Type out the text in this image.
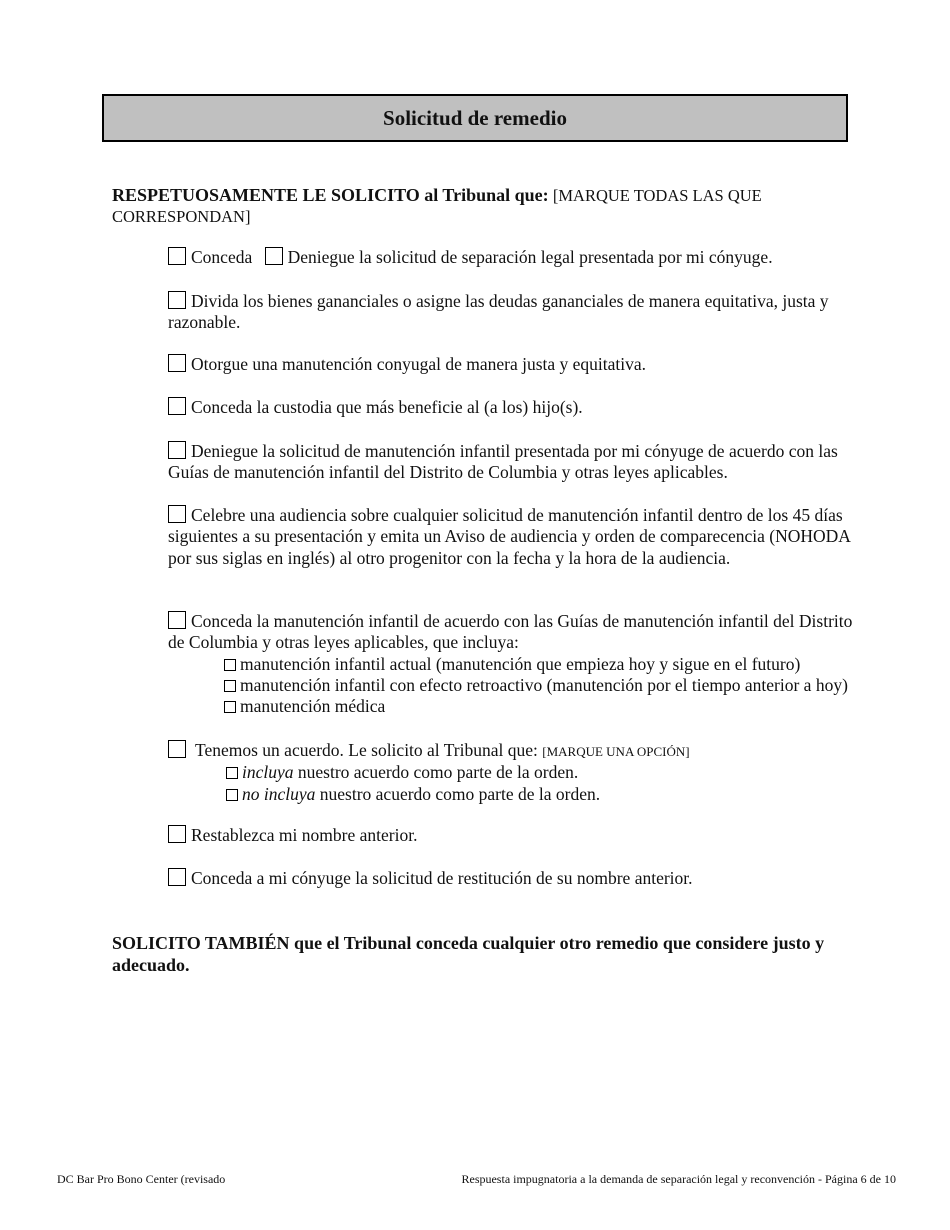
Solicitud de remedio
RESPETUOSAMENTE LE SOLICITO al Tribunal que: [MARQUE TODAS LAS QUE CORRESPONDAN]
Conceda Deniegue la solicitud de separación legal presentada por mi cónyuge.
Divida los bienes gananciales o asigne las deudas gananciales de manera equitativa, justa y razonable.
Otorgue una manutención conyugal de manera justa y equitativa.
Conceda la custodia que más beneficie al (a los) hijo(s).
Deniegue la solicitud de manutención infantil presentada por mi cónyuge de acuerdo con las Guías de manutención infantil del Distrito de Columbia y otras leyes aplicables.
Celebre una audiencia sobre cualquier solicitud de manutención infantil dentro de los 45 días siguientes a su presentación y emita un Aviso de audiencia y orden de comparecencia (NOHODA por sus siglas en inglés) al otro progenitor con la fecha y la hora de la audiencia.
Conceda la manutención infantil de acuerdo con las Guías de manutención infantil del Distrito de Columbia y otras leyes aplicables, que incluya:
manutención infantil actual (manutención que empieza hoy y sigue en el futuro)
manutención infantil con efecto retroactivo (manutención por el tiempo anterior a hoy)
manutención médica
Tenemos un acuerdo. Le solicito al Tribunal que: [MARQUE UNA OPCIÓN]
incluya nuestro acuerdo como parte de la orden.
no incluya nuestro acuerdo como parte de la orden.
Restablezca mi nombre anterior.
Conceda a mi cónyuge la solicitud de restitución de su nombre anterior.
SOLICITO TAMBIÉN que el Tribunal conceda cualquier otro remedio que considere justo y adecuado.
DC Bar Pro Bono Center (revisado	Respuesta impugnatoria a la demanda de separación legal y reconvención - Página 6 de 10
